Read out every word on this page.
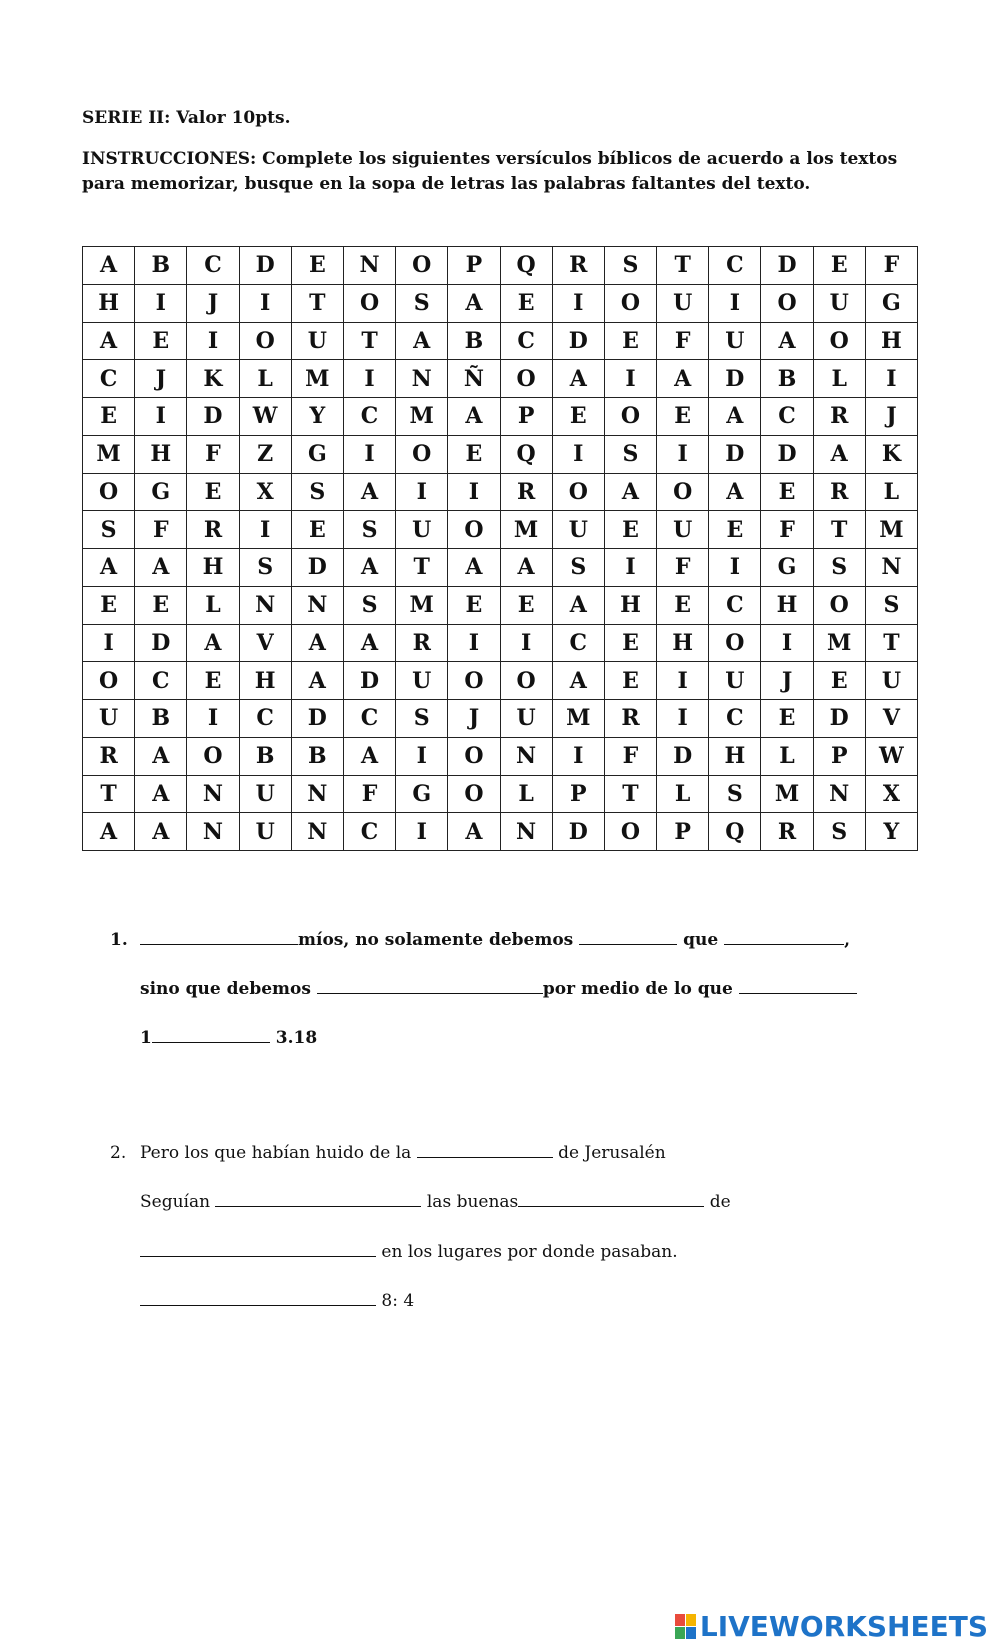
SERIE II: Valor 10pts.

INSTRUCCIONES: Complete los siguientes versículos bíblicos de acuerdo a los textos para memorizar, busque en la sopa de letras las palabras faltantes del texto.

A	B	C	D	E	N	O	P	Q	R	S	T	C	D	E	F
H	I	J	I	T	O	S	A	E	I	O	U	I	O	U	G
A	E	I	O	U	T	A	B	C	D	E	F	U	A	O	H
C	J	K	L	M	I	N	Ñ	O	A	I	A	D	B	L	I
E	I	D	W	Y	C	M	A	P	E	O	E	A	C	R	J
M	H	F	Z	G	I	O	E	Q	I	S	I	D	D	A	K
O	G	E	X	S	A	I	I	R	O	A	O	A	E	R	L
S	F	R	I	E	S	U	O	M	U	E	U	E	F	T	M
A	A	H	S	D	A	T	A	A	S	I	F	I	G	S	N
E	E	L	N	N	S	M	E	E	A	H	E	C	H	O	S
I	D	A	V	A	A	R	I	I	C	E	H	O	I	M	T
O	C	E	H	A	D	U	O	O	A	E	I	U	J	E	U
U	B	I	C	D	C	S	J	U	M	R	I	C	E	D	V
R	A	O	B	B	A	I	O	N	I	F	D	H	L	P	W
T	A	N	U	N	F	G	O	L	P	T	L	S	M	N	X
A	A	N	U	N	C	I	A	N	D	O	P	Q	R	S	Y
1.	míos, no solamente debemos	que	,

sino que debemos	por medio de lo que

1	3.18

2. Pero los que habían huido de la	de Jerusalén

Seguían	las buenas	de

en los lugares por donde pasaban.

8: 4

LIVEWORKSHEETS
